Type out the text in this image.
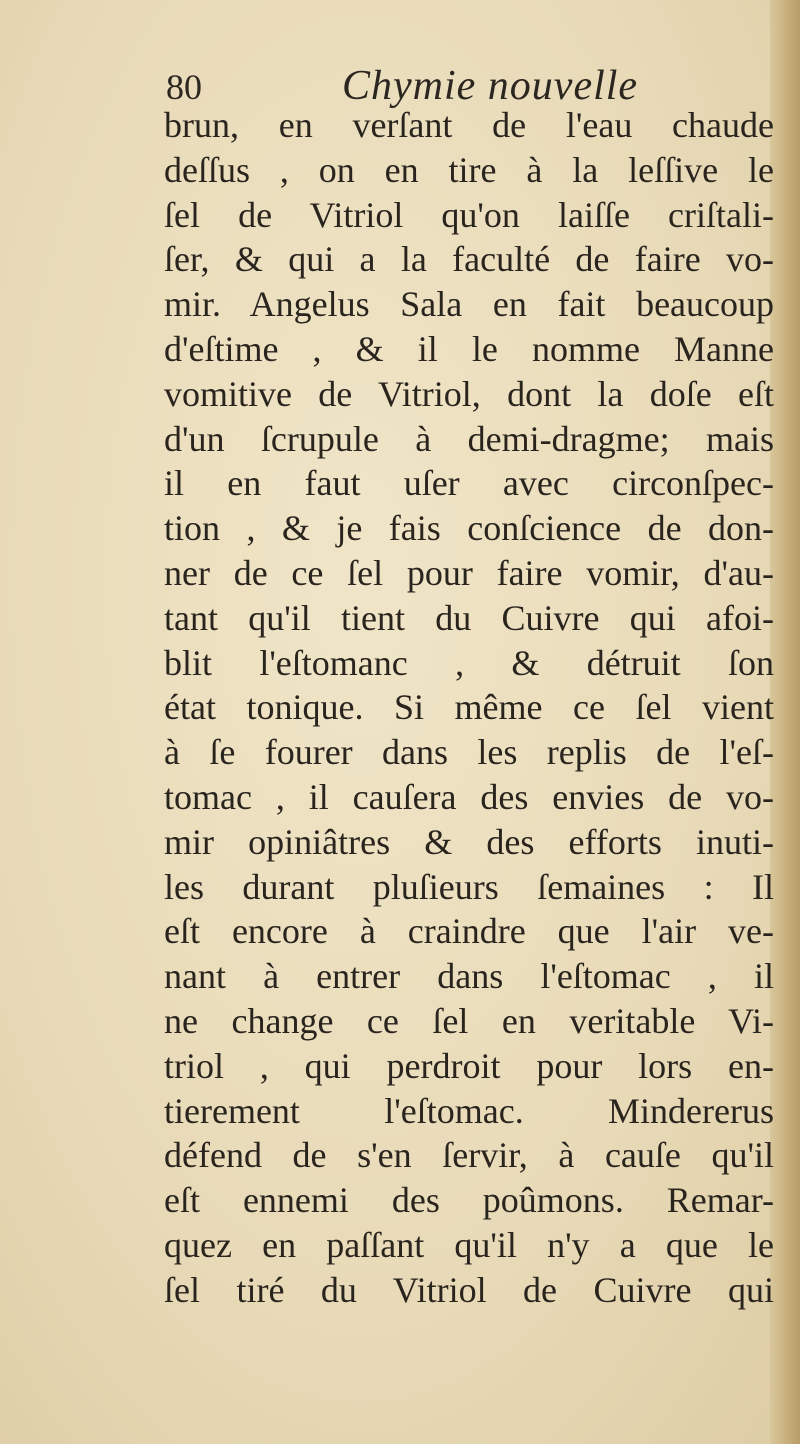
80	Chymie nouvelle
brun, en verſant de l'eau chaude
deſſus , on en tire à la leſſive le
ſel de Vitriol qu'on laiſſe criſtali-
ſer, & qui a la faculté de faire vo-
mir. Angelus Sala en fait beaucoup
d'eſtime , & il le nomme Manne
vomitive de Vitriol, dont la doſe eſt
d'un ſcrupule à demi-dragme; mais
il en faut uſer avec circonſpec-
tion , & je fais conſcience de don-
ner de ce ſel pour faire vomir, d'au-
tant qu'il tient du Cuivre qui afoi-
blit l'eſtomanc , & détruit ſon
état tonique. Si même ce ſel vient
à ſe fourer dans les replis de l'eſ-
tomac , il cauſera des envies de vo-
mir opiniâtres & des efforts inuti-
les durant pluſieurs ſemaines : Il
eſt encore à craindre que l'air ve-
nant à entrer dans l'eſtomac , il
ne change ce ſel en veritable Vi-
triol , qui perdroit pour lors en-
tierement l'eſtomac. Mindererus
défend de s'en ſervir, à cauſe qu'il
eſt ennemi des poûmons. Remar-
quez en paſſant qu'il n'y a que le
ſel tiré du Vitriol de Cuivre qui
